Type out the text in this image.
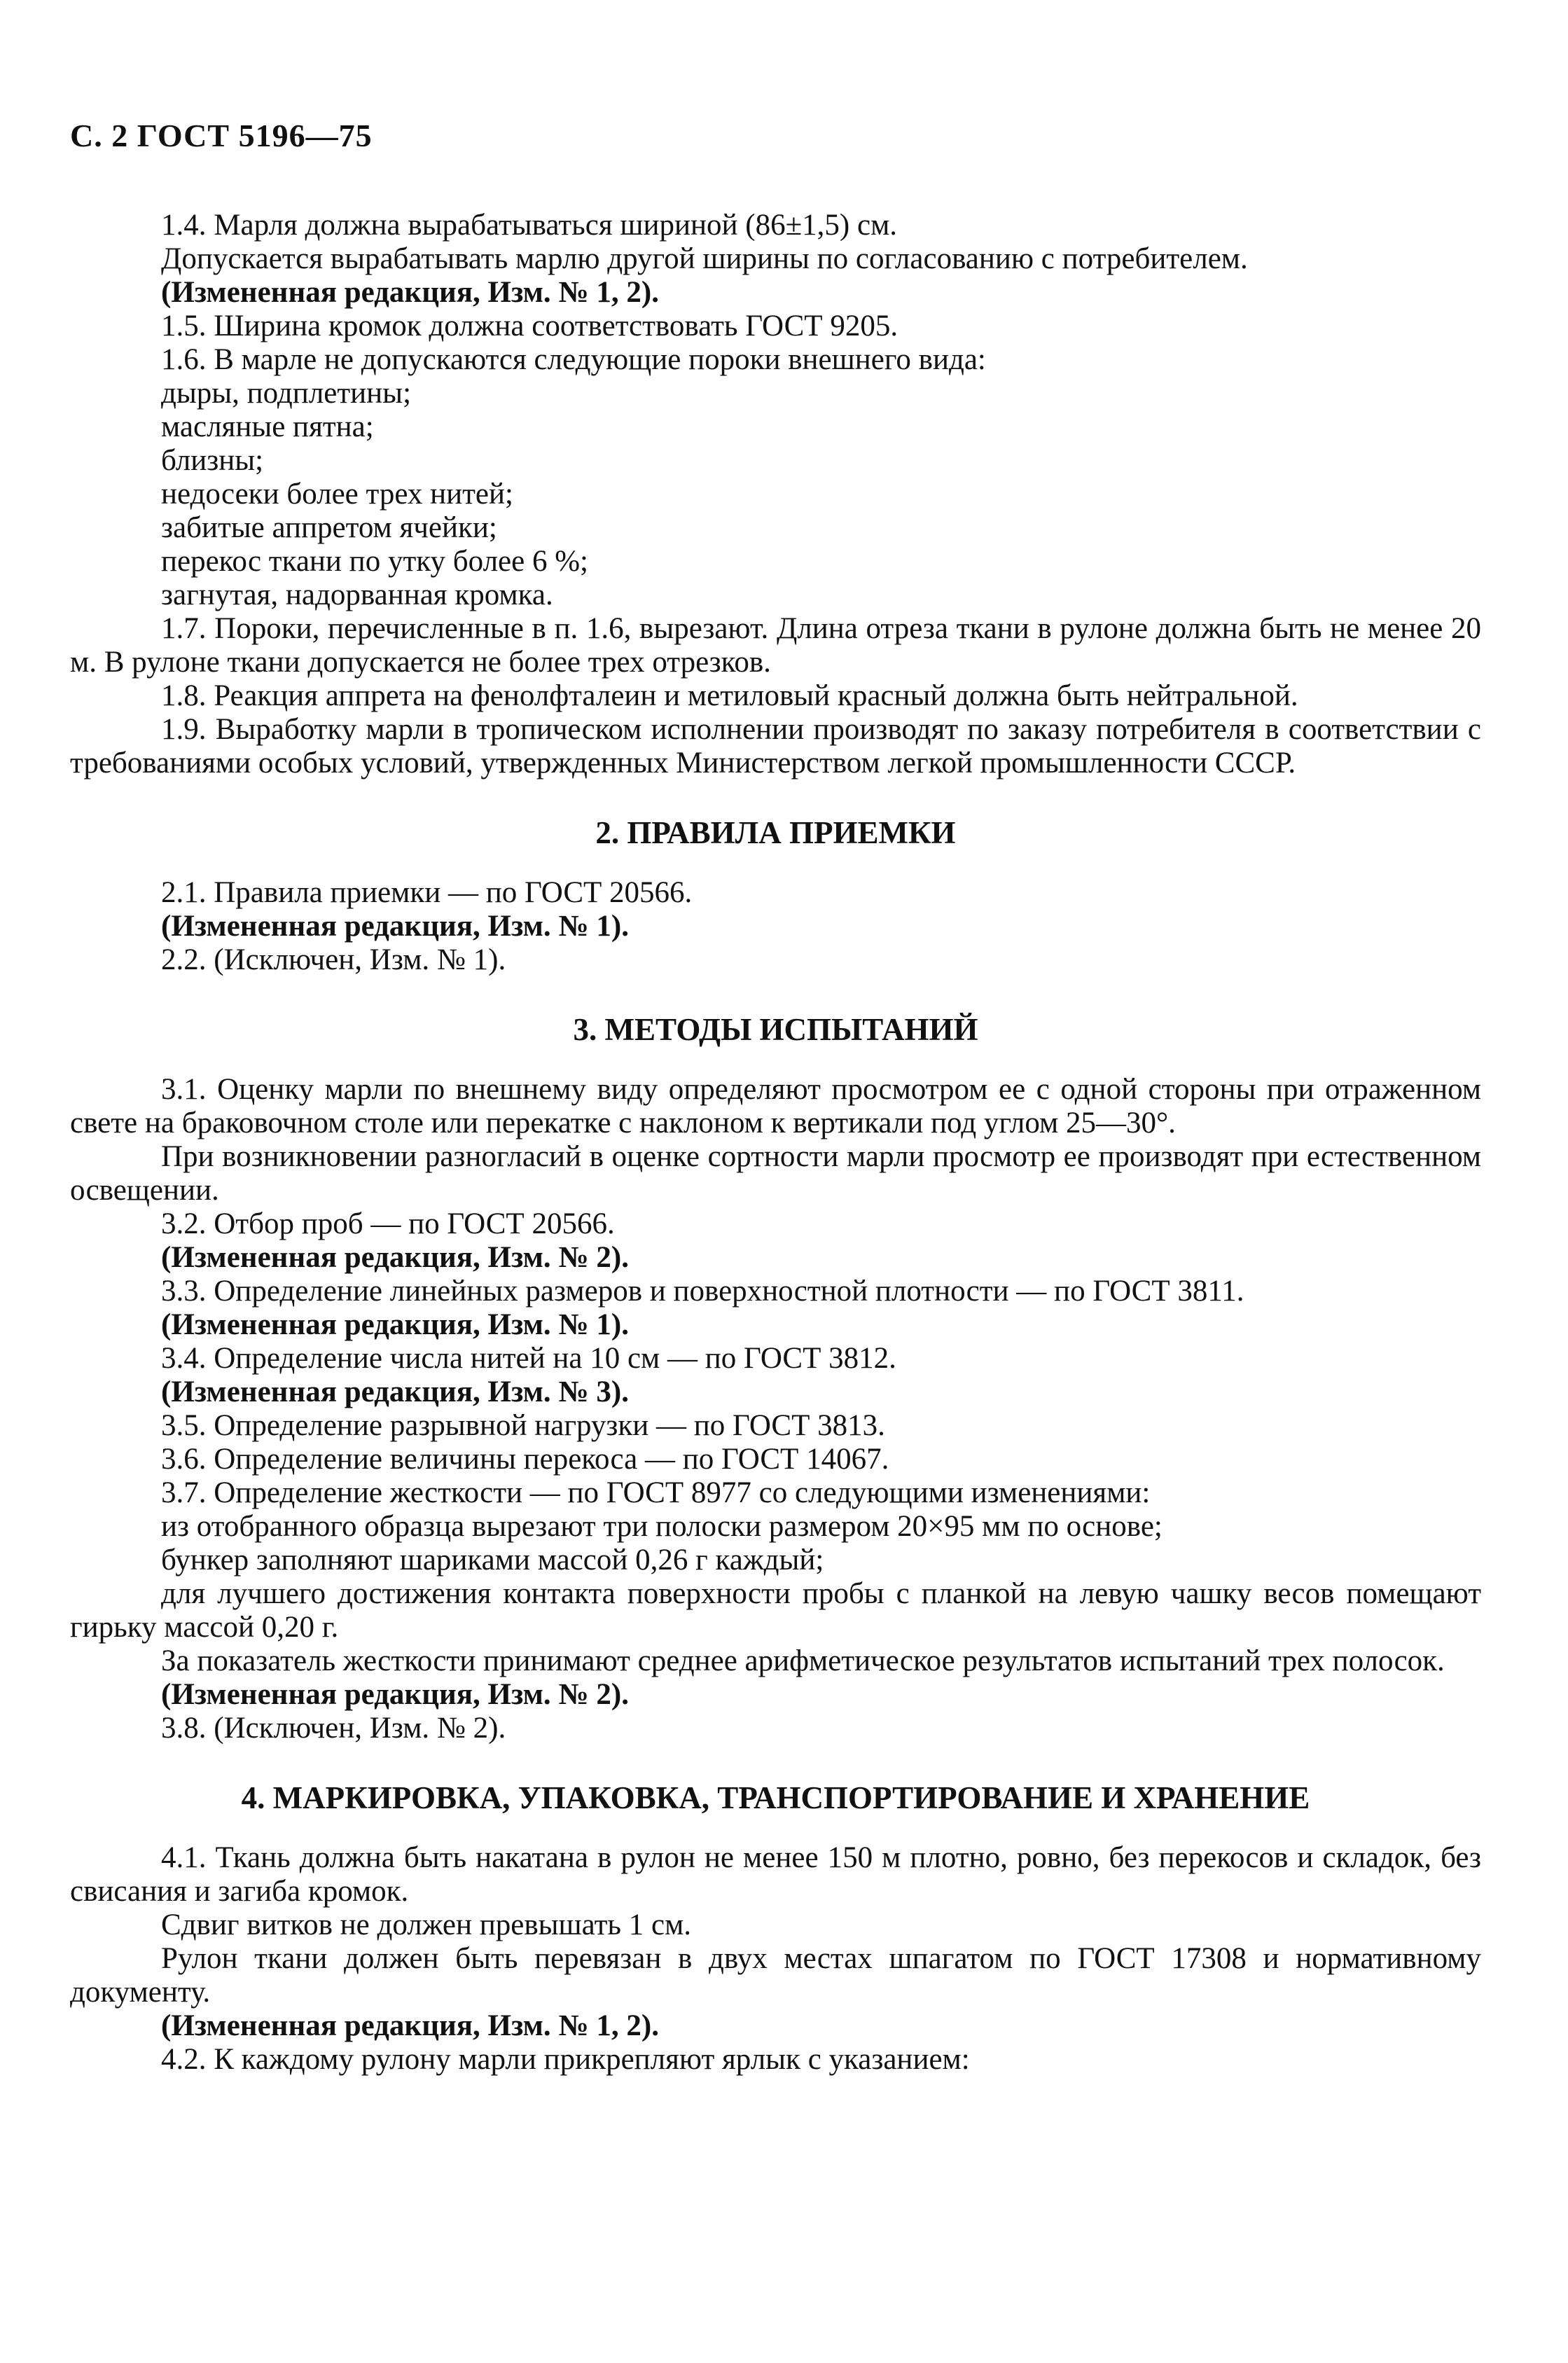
С. 2 ГОСТ 5196—75

1.4. Марля должна вырабатываться шириной (86±1,5) см.

Допускается вырабатывать марлю другой ширины по согласованию с потребителем.

(Измененная редакция, Изм. № 1, 2).

1.5. Ширина кромок должна соответствовать ГОСТ 9205.

1.6. В марле не допускаются следующие пороки внешнего вида:

дыры, подплетины;

масляные пятна;

близны;

недосеки более трех нитей;

забитые аппретом ячейки;

перекос ткани по утку более 6 %;

загнутая, надорванная кромка.

1.7. Пороки, перечисленные в п. 1.6, вырезают. Длина отреза ткани в рулоне должна быть не менее 20 м. В рулоне ткани допускается не более трех отрезков.

1.8. Реакция аппрета на фенолфталеин и метиловый красный должна быть нейтральной.

1.9. Выработку марли в тропическом исполнении производят по заказу потребителя в соответствии с требованиями особых условий, утвержденных Министерством легкой промышленности СССР.

2. ПРАВИЛА ПРИЕМКИ

2.1. Правила приемки — по ГОСТ 20566.

(Измененная редакция, Изм. № 1).

2.2. (Исключен, Изм. № 1).

3. МЕТОДЫ ИСПЫТАНИЙ

3.1. Оценку марли по внешнему виду определяют просмотром ее с одной стороны при отраженном свете на браковочном столе или перекатке с наклоном к вертикали под углом 25—30°.

При возникновении разногласий в оценке сортности марли просмотр ее производят при естественном освещении.

3.2. Отбор проб — по ГОСТ 20566.

(Измененная редакция, Изм. № 2).

3.3. Определение линейных размеров и поверхностной плотности — по ГОСТ 3811.

(Измененная редакция, Изм. № 1).

3.4. Определение числа нитей на 10 см — по ГОСТ 3812.

(Измененная редакция, Изм. № 3).

3.5. Определение разрывной нагрузки — по ГОСТ 3813.

3.6. Определение величины перекоса — по ГОСТ 14067.

3.7. Определение жесткости — по ГОСТ 8977 со следующими изменениями:

из отобранного образца вырезают три полоски размером 20×95 мм по основе;

бункер заполняют шариками массой 0,26 г каждый;

для лучшего достижения контакта поверхности пробы с планкой на левую чашку весов помещают гирьку массой 0,20 г.

За показатель жесткости принимают среднее арифметическое результатов испытаний трех полосок.

(Измененная редакция, Изм. № 2).

3.8. (Исключен, Изм. № 2).

4. МАРКИРОВКА, УПАКОВКА, ТРАНСПОРТИРОВАНИЕ И ХРАНЕНИЕ

4.1. Ткань должна быть накатана в рулон не менее 150 м плотно, ровно, без перекосов и складок, без свисания и загиба кромок.

Сдвиг витков не должен превышать 1 см.

Рулон ткани должен быть перевязан в двух местах шпагатом по ГОСТ 17308 и нормативному документу.

(Измененная редакция, Изм. № 1, 2).

4.2. К каждому рулону марли прикрепляют ярлык с указанием:
